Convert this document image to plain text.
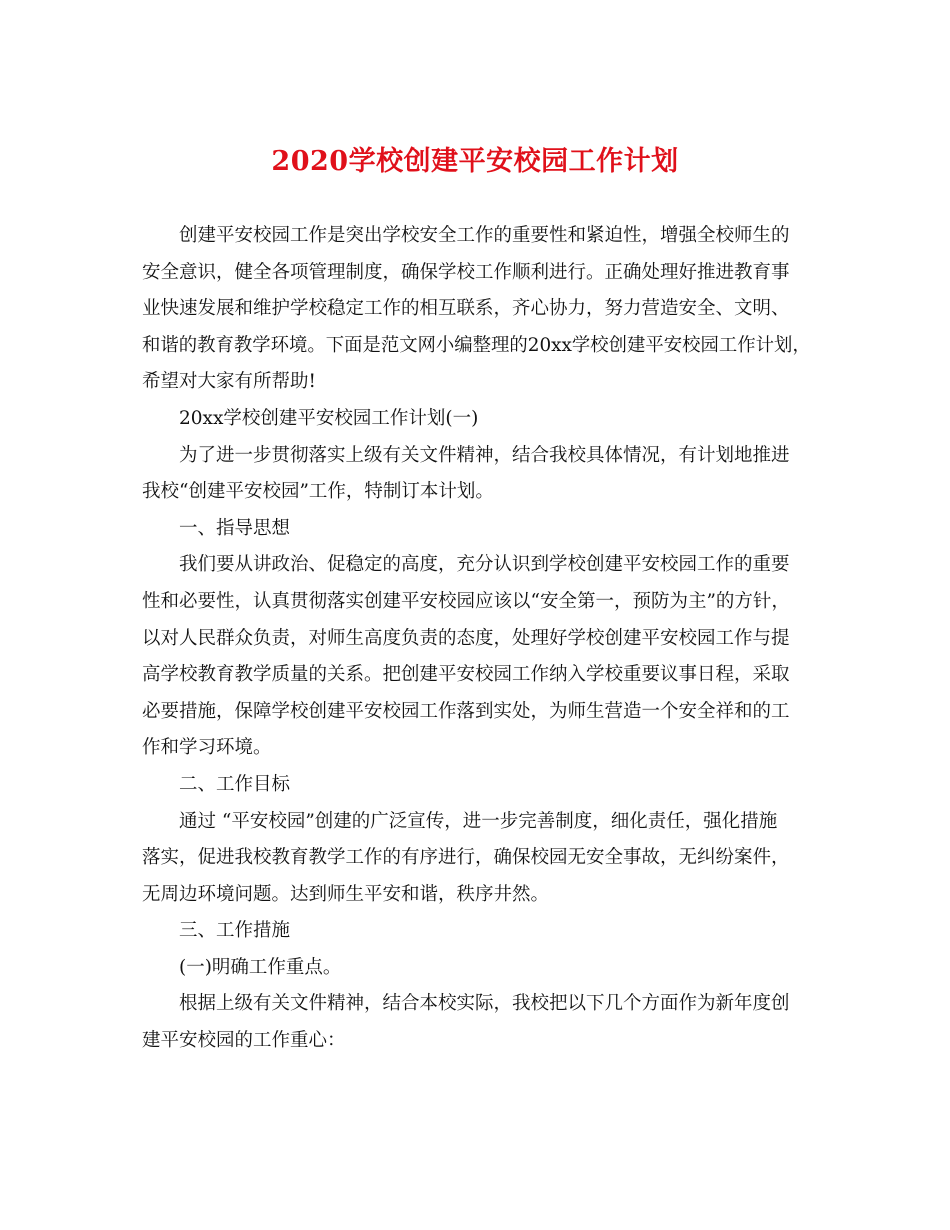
2020学校创建平安校园工作计划

创建平安校园工作是突出学校安全工作的重要性和紧迫性，增强全校师生的
安全意识，健全各项管理制度，确保学校工作顺利进行。正确处理好推进教育事
业快速发展和维护学校稳定工作的相互联系，齐心协力，努力营造安全、文明、
和谐的教育教学环境。下面是范文网小编整理的20xx学校创建平安校园工作计划，

希望对大家有所帮助!

20xx学校创建平安校园工作计划(一)

为了进一步贯彻落实上级有关文件精神，结合我校具体情况，有计划地推进
我校“创建平安校园”工作，特制订本计划。

一、指导思想

我们要从讲政治、促稳定的高度，充分认识到学校创建平安校园工作的重要
性和必要性，认真贯彻落实创建平安校园应该以“安全第一，预防为主”的方针，
以对人民群众负责，对师生高度负责的态度，处理好学校创建平安校园工作与提
高学校教育教学质量的关系。把创建平安校园工作纳入学校重要议事日程，采取
必要措施，保障学校创建平安校园工作落到实处，为师生营造一个安全祥和的工
作和学习环境。

二、工作目标

通过 “平安校园”创建的广泛宣传，进一步完善制度，细化责任，强化措施
落实，促进我校教育教学工作的有序进行，确保校园无安全事故，无纠纷案件，
无周边环境问题。达到师生平安和谐，秩序井然。

三、工作措施

(一)明确工作重点。

根据上级有关文件精神，结合本校实际，我校把以下几个方面作为新年度创
建平安校园的工作重心：
